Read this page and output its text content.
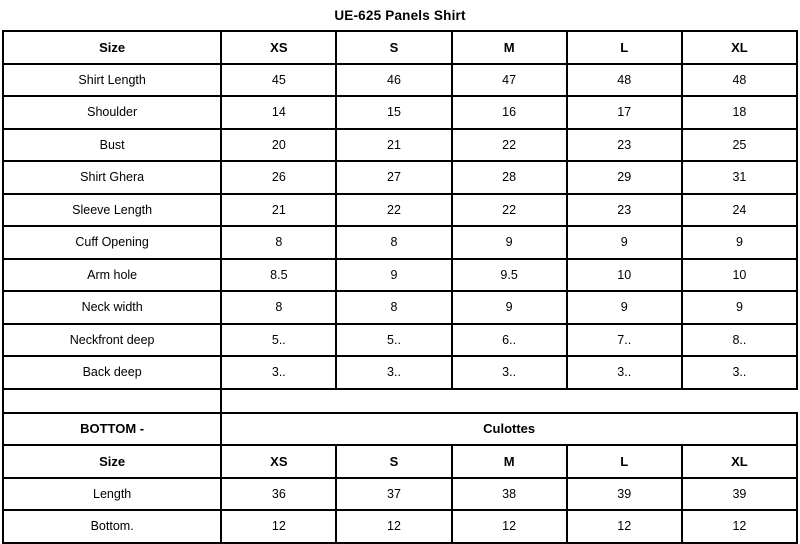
UE-625 Panels Shirt
Size	XS	S	M	L	XL
Shirt Length	45	46	47	48	48
Shoulder	14	15	16	17	18
Bust	20	21	22	23	25
Shirt Ghera	26	27	28	29	31
Sleeve Length	21	22	22	23	24
Cuff Opening	8	8	9	9	9
Arm hole	8.5	9	9.5	10	10
Neck width	8	8	9	9	9
Neckfront deep	5..	5..	6..	7..	8..
Back deep	3..	3..	3..	3..	3..

BOTTOM -	Culottes				
Size	XS	S	M	L	XL
Length	36	37	38	39	39
Bottom.	12	12	12	12	12
